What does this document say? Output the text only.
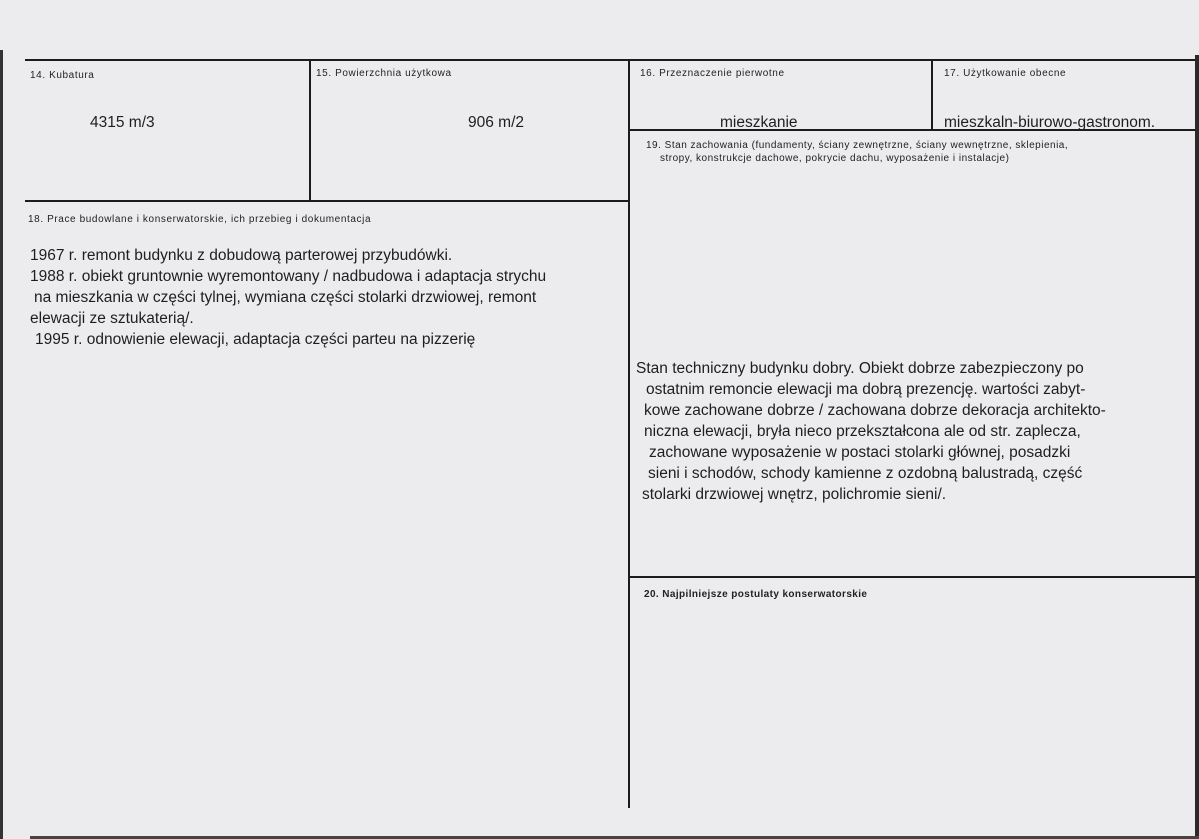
14. Kubatura
4315 m/3
15. Powierzchnia użytkowa
906 m/2
16. Przeznaczenie pierwotne
mieszkanie
17. Użytkowanie obecne
mieszkaln-biurowo-gastronom.
18. Prace budowlane i konserwatorskie, ich przebieg i dokumentacja
1967 r. remont budynku z dobudową parterowej przybudówki.
1988 r. obiekt gruntownie wyremontowany / nadbudowa i adaptacja strychu
na mieszkania w części tylnej, wymiana części stolarki drzwiowej, remont
elewacji ze sztukaterią/.
1995 r. odnowienie elewacji, adaptacja części parteu na pizzerię
19. Stan zachowania (fundamenty, ściany zewnętrzne, ściany wewnętrzne, sklepienia,
stropy, konstrukcje dachowe, pokrycie dachu, wyposażenie i instalacje)
Stan techniczny budynku dobry. Obiekt dobrze zabezpieczony po
ostatnim remoncie elewacji ma dobrą prezencję. wartości zabyt-
kowe zachowane dobrze / zachowana dobrze dekoracja architekto-
niczna elewacji, bryła nieco przekształcona ale od str. zaplecza,
zachowane wyposażenie w postaci stolarki głównej, posadzki
sieni i schodów, schody kamienne z ozdobną balustradą, część
stolarki drzwiowej wnętrz, polichromie sieni/.
20. Najpilniejsze postulaty konserwatorskie
